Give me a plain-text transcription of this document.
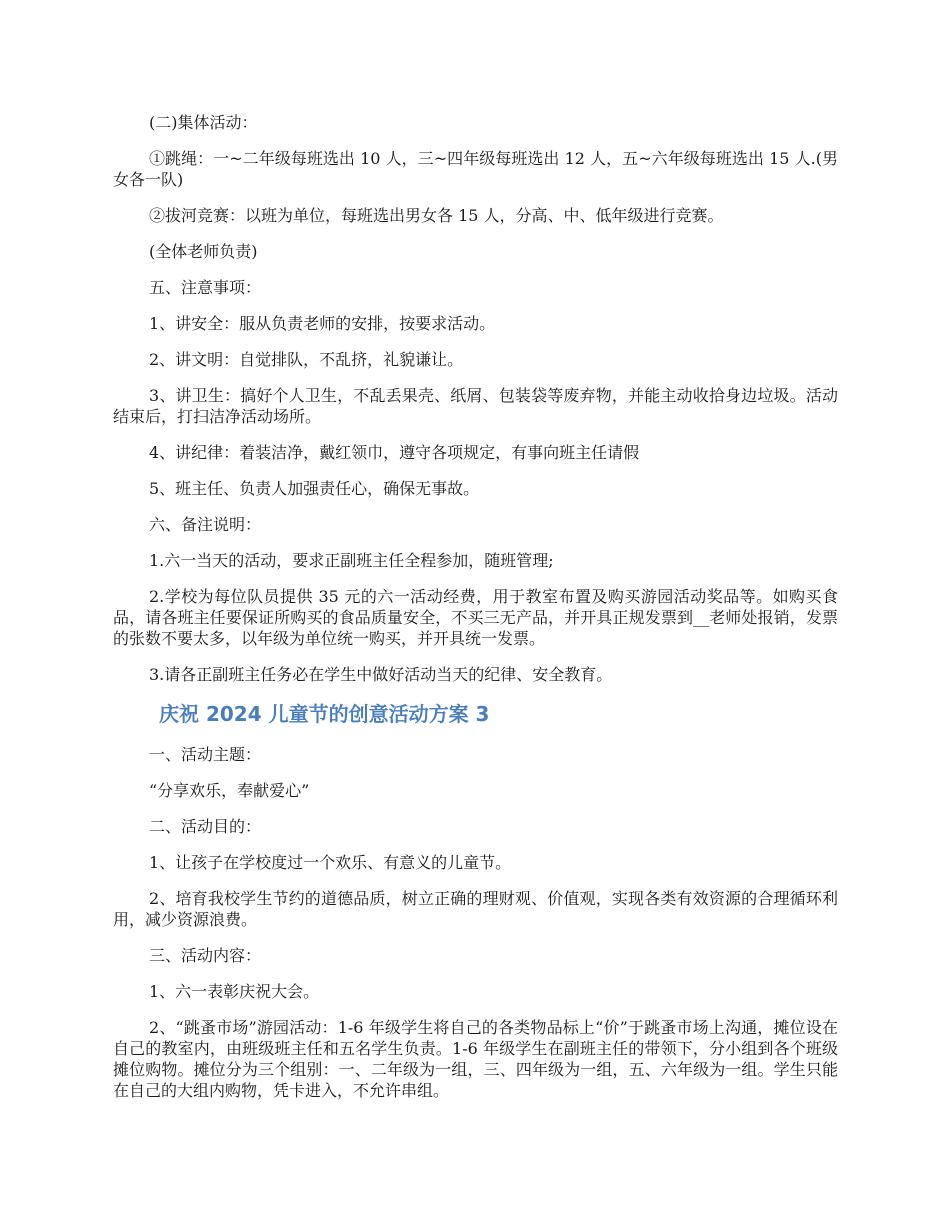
(二)集体活动：

①跳绳：一~二年级每班选出 10 人，三~四年级每班选出 12 人，五~六年级每班选出 15 人.(男女各一队)

②拔河竞赛：以班为单位，每班选出男女各 15 人，分高、中、低年级进行竞赛。

(全体老师负责)

五、注意事项：

1、讲安全：服从负责老师的安排，按要求活动。

2、讲文明：自觉排队，不乱挤，礼貌谦让。

3、讲卫生：搞好个人卫生，不乱丢果壳、纸屑、包装袋等废弃物，并能主动收拾身边垃圾。活动结束后，打扫洁净活动场所。

4、讲纪律：着装洁净，戴红领巾，遵守各项规定，有事向班主任请假

5、班主任、负责人加强责任心，确保无事故。

六、备注说明：

1.六一当天的活动，要求正副班主任全程参加，随班管理;

2.学校为每位队员提供 35 元的六一活动经费，用于教室布置及购买游园活动奖品等。如购买食品，请各班主任要保证所购买的食品质量安全，不买三无产品，并开具正规发票到__老师处报销，发票的张数不要太多，以年级为单位统一购买，并开具统一发票。

3.请各正副班主任务必在学生中做好活动当天的纪律、安全教育。

庆祝 2024 儿童节的创意活动方案 3

一、活动主题：

“分享欢乐，奉献爱心”

二、活动目的：

1、让孩子在学校度过一个欢乐、有意义的儿童节。

2、培育我校学生节约的道德品质，树立正确的理财观、价值观，实现各类有效资源的合理循环利用，减少资源浪费。

三、活动内容：

1、六一表彰庆祝大会。

2、“跳蚤市场”游园活动：1-6 年级学生将自己的各类物品标上“价”于跳蚤市场上沟通，摊位设在自己的教室内，由班级班主任和五名学生负责。1-6 年级学生在副班主任的带领下，分小组到各个班级摊位购物。摊位分为三个组别：一、二年级为一组，三、四年级为一组，五、六年级为一组。学生只能在自己的大组内购物，凭卡进入，不允许串组。
